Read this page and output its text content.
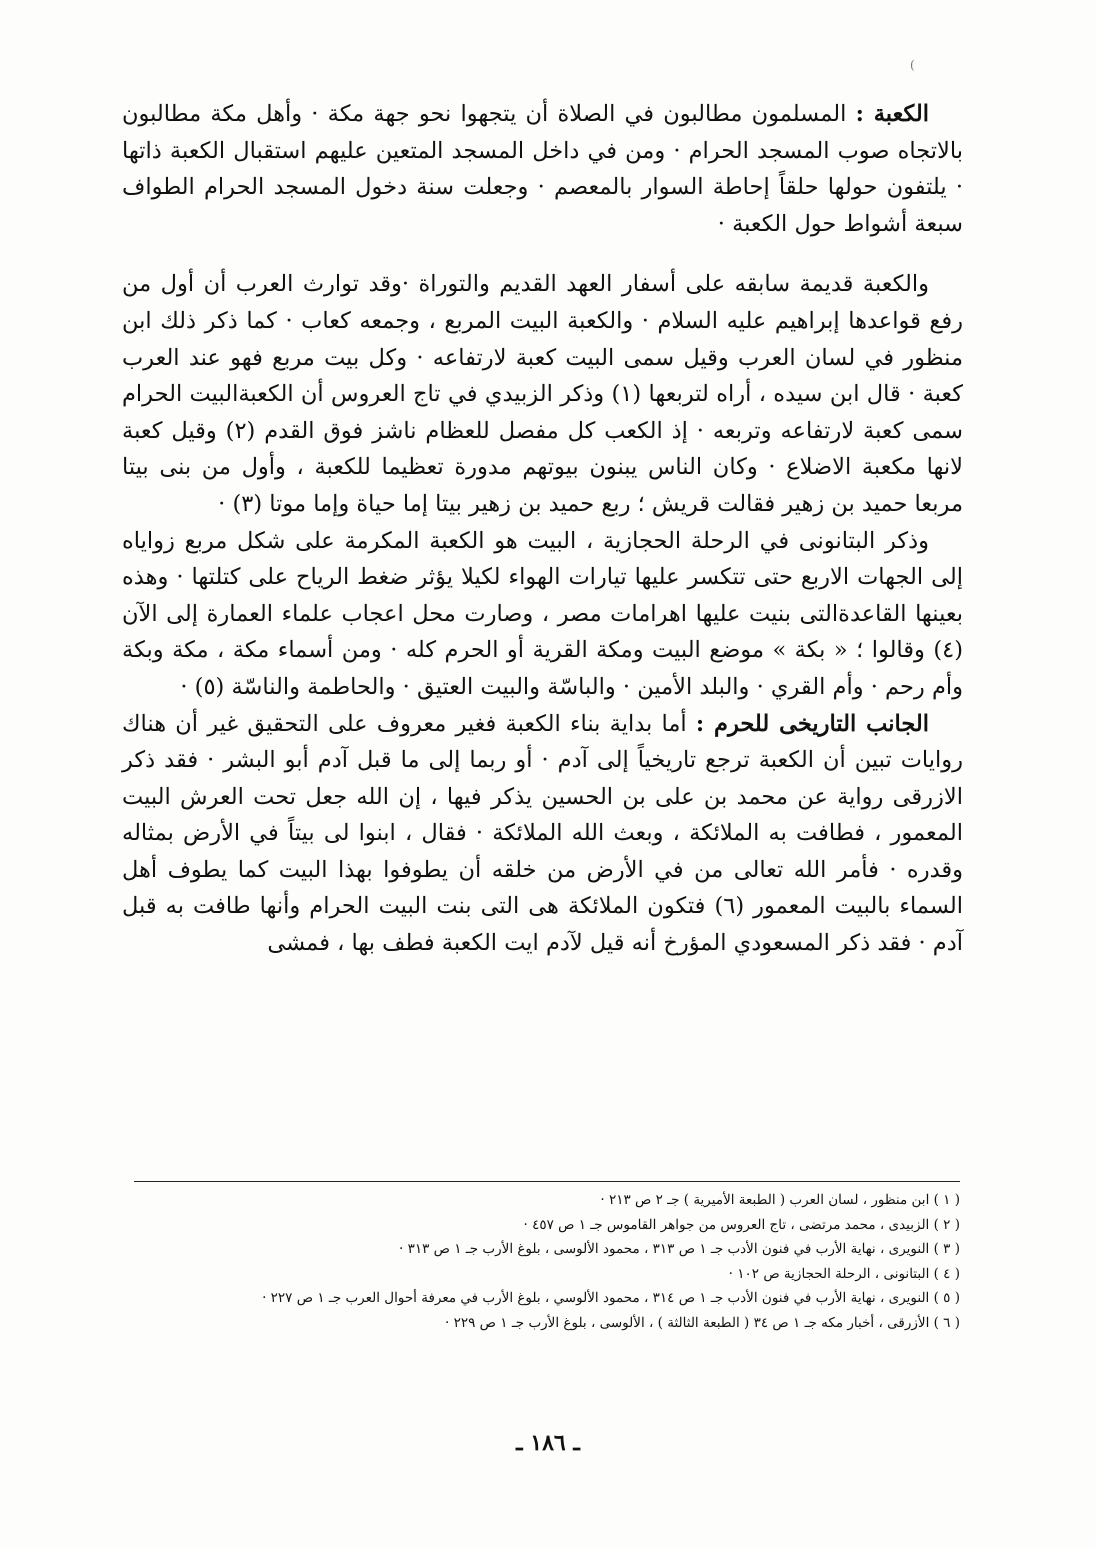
(

الكعبة : المسلمون مطالبون في الصلاة أن يتجهوا نحو جهة مكة · وأهل مكة مطالبون بالاتجاه صوب المسجد الحرام · ومن في داخل المسجد المتعين عليهم استقبال الكعبة ذاتها · يلتفون حولها حلقاً إحاطة السوار بالمعصم · وجعلت سنة دخول المسجد الحرام الطواف سبعة أشواط حول الكعبة ·

والكعبة قديمة سابقه على أسفار العهد القديم والتوراة ·وقد توارث العرب أن أول من رفع قواعدها إبراهيم عليه السلام · والكعبة البيت المربع ، وجمعه كعاب · كما ذكر ذلك ابن منظور في لسان العرب وقيل سمى البيت كعبة لارتفاعه · وكل بيت مربع فهو عند العرب كعبة · قال ابن سيده ، أراه لتربعها (١) وذكر الزبيدي في تاج العروس أن الكعبةالبيت الحرام سمى كعبة لارتفاعه وتربعه · إذ الكعب كل مفصل للعظام ناشز فوق القدم (٢) وقيل كعبة لانها مكعبة الاضلاع · وكان الناس يبنون بيوتهم مدورة تعظيما للكعبة ، وأول من بنى بيتا مربعا حميد بن زهير فقالت قريش ؛ ربع حميد بن زهير بيتا إما حياة وإما موتا (٣) ·

وذكر البتانونى في الرحلة الحجازية ، البيت هو الكعبة المكرمة على شكل مربع زواياه إلى الجهات الاربع حتى تتكسر عليها تيارات الهواء لكيلا يؤثر ضغط الرياح على كتلتها · وهذه بعينها القاعدةالتى بنيت عليها اهرامات مصر ، وصارت محل اعجاب علماء العمارة إلى الآن (٤) وقالوا ؛ « بكة » موضع البيت ومكة القرية أو الحرم كله · ومن أسماء مكة ، مكة وبكة وأم رحم · وأم القري · والبلد الأمين · والباسّة والبيت العتيق · والحاطمة والناسّة (٥) ·

الجانب التاريخى للحرم : أما بداية بناء الكعبة فغير معروف على التحقيق غير أن هناك روايات تبين أن الكعبة ترجع تاريخياً إلى آدم · أو ربما إلى ما قبل آدم أبو البشر · فقد ذكر الازرقى رواية عن محمد بن على بن الحسين يذكر فيها ، إن الله جعل تحت العرش البيت المعمور ، فطافت به الملائكة ، وبعث الله الملائكة · فقال ، ابنوا لى بيتاً في الأرض بمثاله وقدره · فأمر الله تعالى من في الأرض من خلقه أن يطوفوا بهذا البيت كما يطوف أهل السماء بالبيت المعمور (٦) فتكون الملائكة هى التى بنت البيت الحرام وأنها طافت به قبل آدم · فقد ذكر المسعودي المؤرخ أنه قيل لآدم ايت الكعبة فطف بها ، فمشى

( ١ ) ابن منظور ، لسان العرب ( الطبعة الأميرية ) جـ ٢ ص ٢١٣ ·
( ٢ ) الزبيدى ، محمد مرتضى ، تاج العروس من جواهر القاموس جـ ١ ص ٤٥٧ ·
( ٣ ) النويرى ، نهاية الأرب في فنون الأدب جـ ١ ص ٣١٣ ، محمود الألوسى ، بلوغ الأرب جـ ١ ص ٣١٣ ·
( ٤ ) البتانونى ، الرحلة الحجازية ص ١٠٢ ·
( ٥ ) النويرى ، نهاية الأرب في فنون الأدب جـ ١ ص ٣١٤ ، محمود الألوسي ، بلوغ الأرب في معرفة أحوال العرب جـ ١ ص ٢٢٧ ·
( ٦ ) الأزرقى ، أخبار مكه جـ ١ ص ٣٤ ( الطبعة الثالثة ) ، الألوسى ، بلوغ الأرب جـ ١ ص ٢٢٩ ·
ـ ١٨٦ ـ
